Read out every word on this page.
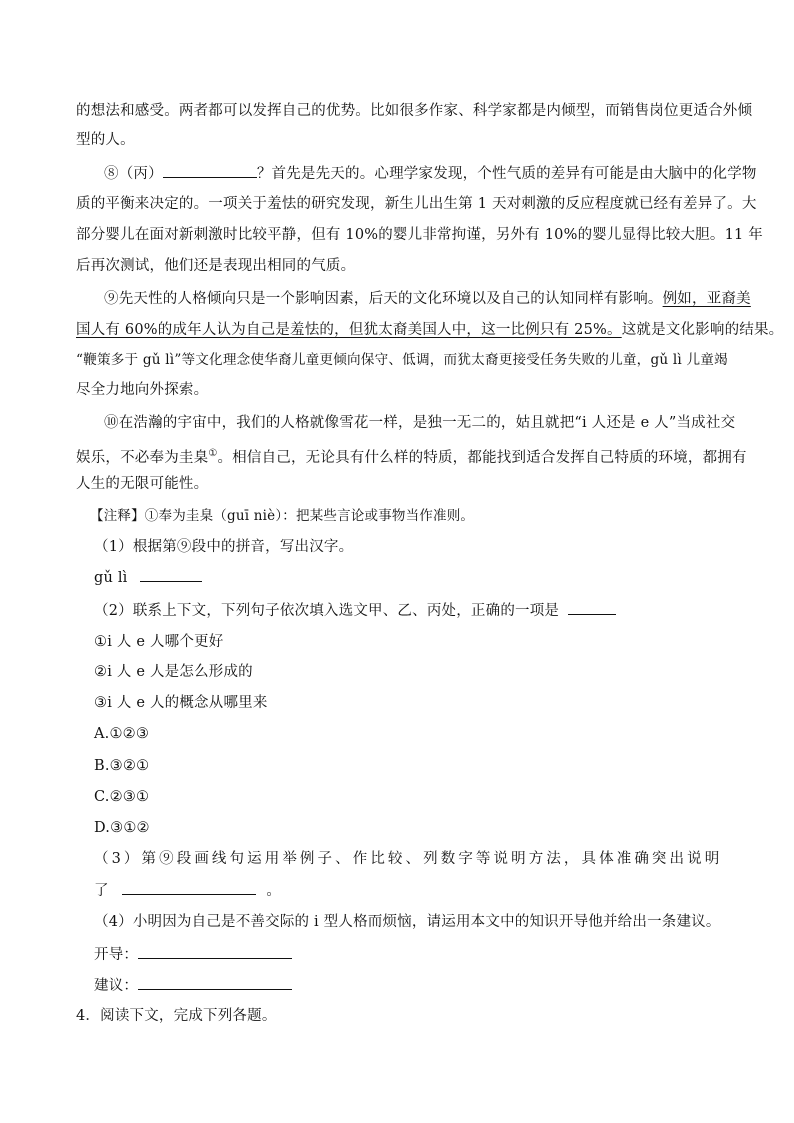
的想法和感受。两者都可以发挥自己的优势。比如很多作家、科学家都是内倾型，而销售岗位更适合外倾
型的人。
⑧（丙）	？首先是先天的。心理学家发现，个性气质的差异有可能是由大脑中的化学物
质的平衡来决定的。一项关于羞怯的研究发现，新生儿出生第 1 天对刺激的反应程度就已经有差异了。大
部分婴儿在面对新刺激时比较平静，但有 10%的婴儿非常拘谨，另外有 10%的婴儿显得比较大胆。11 年
后再次测试，他们还是表现出相同的气质。
⑨先天性的人格倾向只是一个影响因素，后天的文化环境以及自己的认知同样有影响。例如，亚裔美
国人有 60%的成年人认为自己是羞怯的，但犹太裔美国人中，这一比例只有 25%。这就是文化影响的结果。
“鞭策多于 gǔ lì”等文化理念使华裔儿童更倾向保守、低调，而犹太裔更接受任务失败的儿童，gǔ lì 儿童竭
尽全力地向外探索。
⑩在浩瀚的宇宙中，我们的人格就像雪花一样，是独一无二的，姑且就把“i 人还是 e 人”当成社交
娱乐，不必奉为圭臬①。相信自己，无论具有什么样的特质，都能找到适合发挥自己特质的环境，都拥有
人生的无限可能性。
【注释】①奉为圭臬（guī niè）：把某些言论或事物当作准则。
（1）根据第⑨段中的拼音，写出汉字。
gǔ lì
（2）联系上下文，下列句子依次填入选文甲、乙、丙处，正确的一项是
①i 人 e 人哪个更好
②i 人 e 人是怎么形成的
③i 人 e 人的概念从哪里来
A.①②③
B.③②①
C.②③①
D.③①②
（3）第⑨段画线句运用举例子、作比较、列数字等说明方法，具体准确突出说明
了	。
（4）小明因为自己是不善交际的 i 型人格而烦恼，请运用本文中的知识开导他并给出一条建议。
开导：
建议：
4．阅读下文，完成下列各题。
